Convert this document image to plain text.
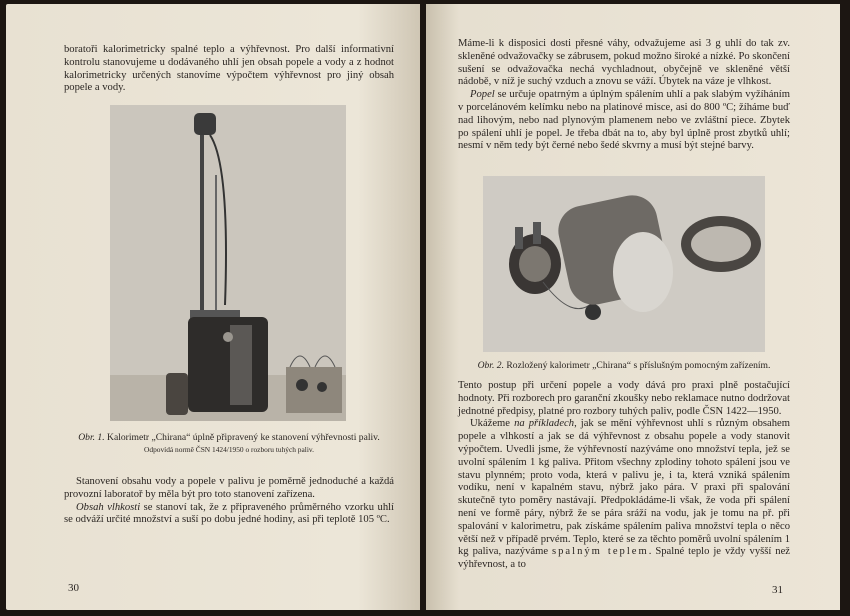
boratoři kalorimetricky spalné teplo a výhřevnost. Pro další informativní kontrolu stanovujeme u dodávaného uhlí jen obsah popele a vody a z hodnot kalorimetricky určených stanovíme výpočtem výhřevnost pro jiný obsah popele a vody.

Obr. 1. Kalorimetr „Chirana“ úplně připravený ke stanovení výhřevnosti paliv.
Odpovídá normě ČSN 1424/1950 o rozboru tuhých paliv.

Stanovení obsahu vody a popele v palivu je poměrně jednoduché a každá provozní laboratoř by měla být pro toto stanovení zařízena.

Obsah vlhkosti se stanoví tak, že z připraveného průměrného vzorku uhlí se odváží určité množství a suší po dobu jedné hodiny, asi při teplotě 105 ºC.

30

Máme-li k disposici dosti přesné váhy, odvažujeme asi 3 g uhlí do tak zv. skleněné odvažovačky se zábrusem, pokud možno široké a nízké. Po skončení sušení se odvažovačka nechá vychladnout, obyčejně ve skleněné větší nádobě, v níž je suchý vzduch a znovu se váží. Úbytek na váze je vlhkost.

Popel se určuje opatrným a úplným spálením uhlí a pak slabým vyžíháním v porcelánovém kelímku nebo na platinové misce, asi do 800 ºC; žíháme buď nad lihovým, nebo nad plynovým plamenem nebo ve zvláštní piece. Zbytek po spálení uhlí je popel. Je třeba dbát na to, aby byl úplně prost zbytků uhlí; nesmí v něm tedy být černé nebo šedé skvrny a musí být stejné barvy.

Obr. 2. Rozložený kalorimetr „Chirana“ s příslušným pomocným zařízením.

Tento postup při určení popele a vody dává pro praxi plně postačující hodnoty. Při rozborech pro garanční zkoušky nebo reklamace nutno dodržovat jednotné předpisy, platné pro rozbory tuhých paliv, podle ČSN 1422—1950.

Ukážeme na příkladech, jak se mění výhřevnost uhlí s různým obsahem popele a vlhkostí a jak se dá výhřevnost z obsahu popele a vody stanovit výpočtem. Uvedli jsme, že výhřevností nazýváme ono množství tepla, jež se uvolní spálením 1 kg paliva. Přitom všechny zplodiny tohoto spálení jsou ve stavu plynném; proto voda, která v palivu je, i ta, která vzniká spálením vodíku, není v kapalném stavu, nýbrž jako pára. V praxi při spalování skutečně tyto poměry nastávají. Předpokládáme-li však, že voda při spálení není ve formě páry, nýbrž že se pára sráží na vodu, jak je tomu na př. při spalování v kalorimetru, pak získáme spálením paliva množství tepla o něco větší než v případě prvém. Teplo, které se za těchto poměrů uvolní spálením 1 kg paliva, nazýváme spalným teplem. Spalné teplo je vždy vyšší než výhřevnost, a to

31
